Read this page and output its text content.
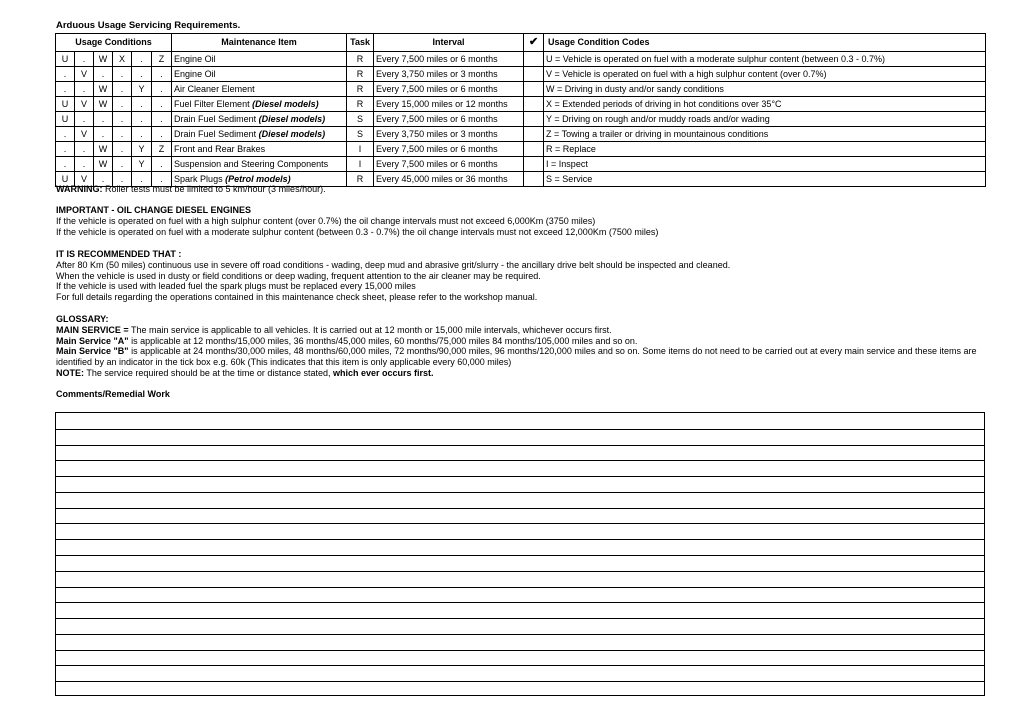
Arduous Usage Servicing Requirements.
Usage Conditions						Maintenance Item	Task	Interval	✔	Usage Condition Codes
U	.	W	X	.	Z	Engine Oil	R	Every 7,500 miles or 6 months		U = Vehicle is operated on fuel with a moderate sulphur content (between 0.3 - 0.7%)
.	V	.	.	.	.	Engine Oil	R	Every 3,750 miles or 3 months		V = Vehicle is operated on fuel with a high sulphur content (over 0.7%)
.	.	W	.	Y	.	Air Cleaner Element	R	Every 7,500 miles or 6 months		W = Driving in dusty and/or sandy conditions
U	V	W	.	.	.	Fuel Filter Element (Diesel models)	R	Every 15,000 miles or 12 months		X = Extended periods of driving in hot conditions over 35°C
U	.	.	.	.	.	Drain Fuel Sediment (Diesel models)	S	Every 7,500 miles or 6 months		Y = Driving on rough and/or muddy roads and/or wading
.	V	.	.	.	.	Drain Fuel Sediment (Diesel models)	S	Every 3,750 miles or 3 months		Z = Towing a trailer or driving in mountainous conditions
.	.	W	.	Y	Z	Front and Rear Brakes	I	Every 7,500 miles or 6 months		R = Replace
.	.	W	.	Y	.	Suspension and Steering Components	I	Every 7,500 miles or 6 months		I = Inspect
U	V	.	.	.	.	Spark Plugs (Petrol models)	R	Every 45,000 miles or 36 months		S = Service
WARNING: Roller tests must be limited to 5 km/hour (3 miles/hour).

IMPORTANT - OIL CHANGE DIESEL ENGINES

If the vehicle is operated on fuel with a high sulphur content (over 0.7%) the oil change intervals must not exceed 6,000Km (3750 miles)

If the vehicle is operated on fuel with a moderate sulphur content (between 0.3 - 0.7%) the oil change intervals must not exceed 12,000Km (7500 miles)

IT IS RECOMMENDED THAT :

After 80 Km (50 miles) continuous use in severe off road conditions - wading, deep mud and abrasive grit/slurry - the ancillary drive belt should be inspected and cleaned.

When the vehicle is used in dusty or field conditions or deep wading, frequent attention to the air cleaner may be required.

If the vehicle is used with leaded fuel the spark plugs must be replaced every 15,000 miles

For full details regarding the operations contained in this maintenance check sheet, please refer to the workshop manual.

GLOSSARY:

MAIN SERVICE = The main service is applicable to all vehicles. It is carried out at 12 month or 15,000 mile intervals, whichever occurs first.

Main Service "A" is applicable at 12 months/15,000 miles, 36 months/45,000 miles, 60 months/75,000 miles 84 months/105,000 miles and so on.

Main Service "B" is applicable at 24 months/30,000 miles, 48 months/60,000 miles, 72 months/90,000 miles, 96 months/120,000 miles and so on. Some items do not need to be carried out at every main service and these items are identified by an indicator in the tick box e.g. 60k (This indicates that this item is only applicable every 60,000 miles)

NOTE: The service required should be at the time or distance stated, which ever occurs first.

Comments/Remedial Work
